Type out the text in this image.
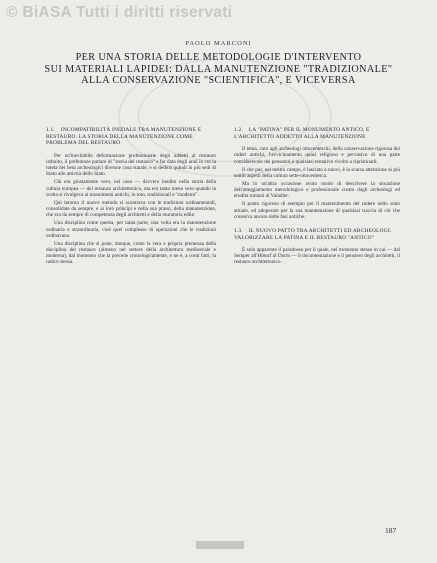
© BiASA Tutti i diritti riservati
PAOLO MARCONI
PER UNA STORIA DELLE METODOLOGIE D'INTERVENTO
SUI MATERIALI LAPIDEI: DALLA MANUTENZIONE "TRADIZIONALE"
ALLA CONSERVAZIONE "SCIENTIFICA", E VICEVERSA
1.1. INCOMPATIBILITÀ INIZIALE TRA MANUTENZIONE E RESTAURO. LA STORIA DELLA MANUTENZIONE COME PROBLEMA DEL RESTAURO
Per un'inevitabile deformazione professionale degli addetti al restauro istituito, il preferenze parlare di "storia del restauro" e far data degli anni in cui la tutela dei beni archeologici divenne cosa statale, e si dedicò quindi in più sedi di Stato alle attività dello Stato.
Chi era giustamente vero, nel caso — davvero inedito nella storia della cultura europea — del restauro architettonico, ma era tanto meno vero quando la scelta si rivolgeva ai monumenti antichi, in toto, tradizionali e "moderni".
Qui intorno il nuovo metodo si scontrava con le tradizioni ordinamentali, consolidate da sempre, e ai loro principi e nella sua prassi, della manutenzione, che era da sempre di competenza degli architetti e della muratoria edile.
Una disciplina come questa, per tanta parte, una volta era la manutenzione ordinaria e straordinaria, cioè quel complesso di operazioni che le tradizioni ordinavano.
Una disciplina che si pone, dunque, come la vera e propria premessa della disciplina del restauro (almeno nel settore della architettura medioevale e moderna), dal momento che la precede cronologicamente, e ne è, a conti fatti, la radice stessa.
1.2. LA "PATINA" PER IL MONUMENTO ANTICO, E L'ARCHITETTO ADDETTO ALLA MANUTENZIONE
Il tema, caro agli archeologi ottocenteschi, della conservazione rigorosa dei ruderi antichi, l'avvicinamento quasi religioso e pervasivo di una parte considerevole dei pensatori e qualsiasi tentativo rivolto a ripristinarli.
Il che pur, nel nostro campo, è lasciato a nuovi, è la scarsa attenzione ai più sottili aspetti della cultura sette-ottocentesca.
Ma in un'altra occasione avuto modo di descrivere la situazione dell'atteggiamento metodologico e professionale creato dagli archeologi ed erudita romani al Valadier.
Il punto rigoroso di esempio per il mantenimento del rudere nello stato attuale, ed adoperare per la sua manutenzione di qualsiasi traccia di ciò che conserva ancora delle fasi antiche.
1.3. IL NUOVO PATTO TRA ARCHITETTI ED ARCHEOLOGI: VALORIZZARE LA PATINA E IL RESTAURO "ANTICO"
È solo apparente il paradosso per il quale, nel momento stesso in cui — dal Semper all'Hittorf al Durm — il documentazione e il pensiero degli architetti, il restauro architettonico.
187
